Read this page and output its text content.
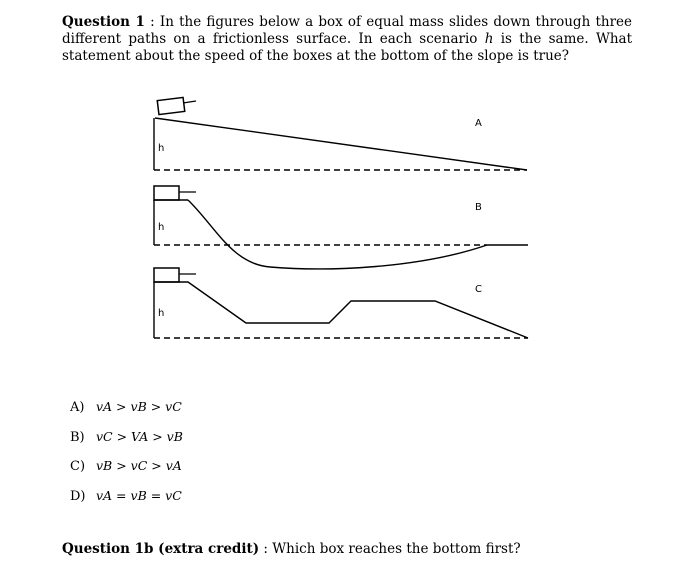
Question 1 : In the figures below a box of equal mass slides down through three different paths on a frictionless surface. In each scenario h is the same. What statement about the speed of the boxes at the bottom of the slope is true?
h
A
h
B
h
C
A) vA > vB > vC
B) vC > VA > vB
C) vB > vC > vA
D) vA = vB = vC
Question 1b (extra credit) : Which box reaches the bottom first?
